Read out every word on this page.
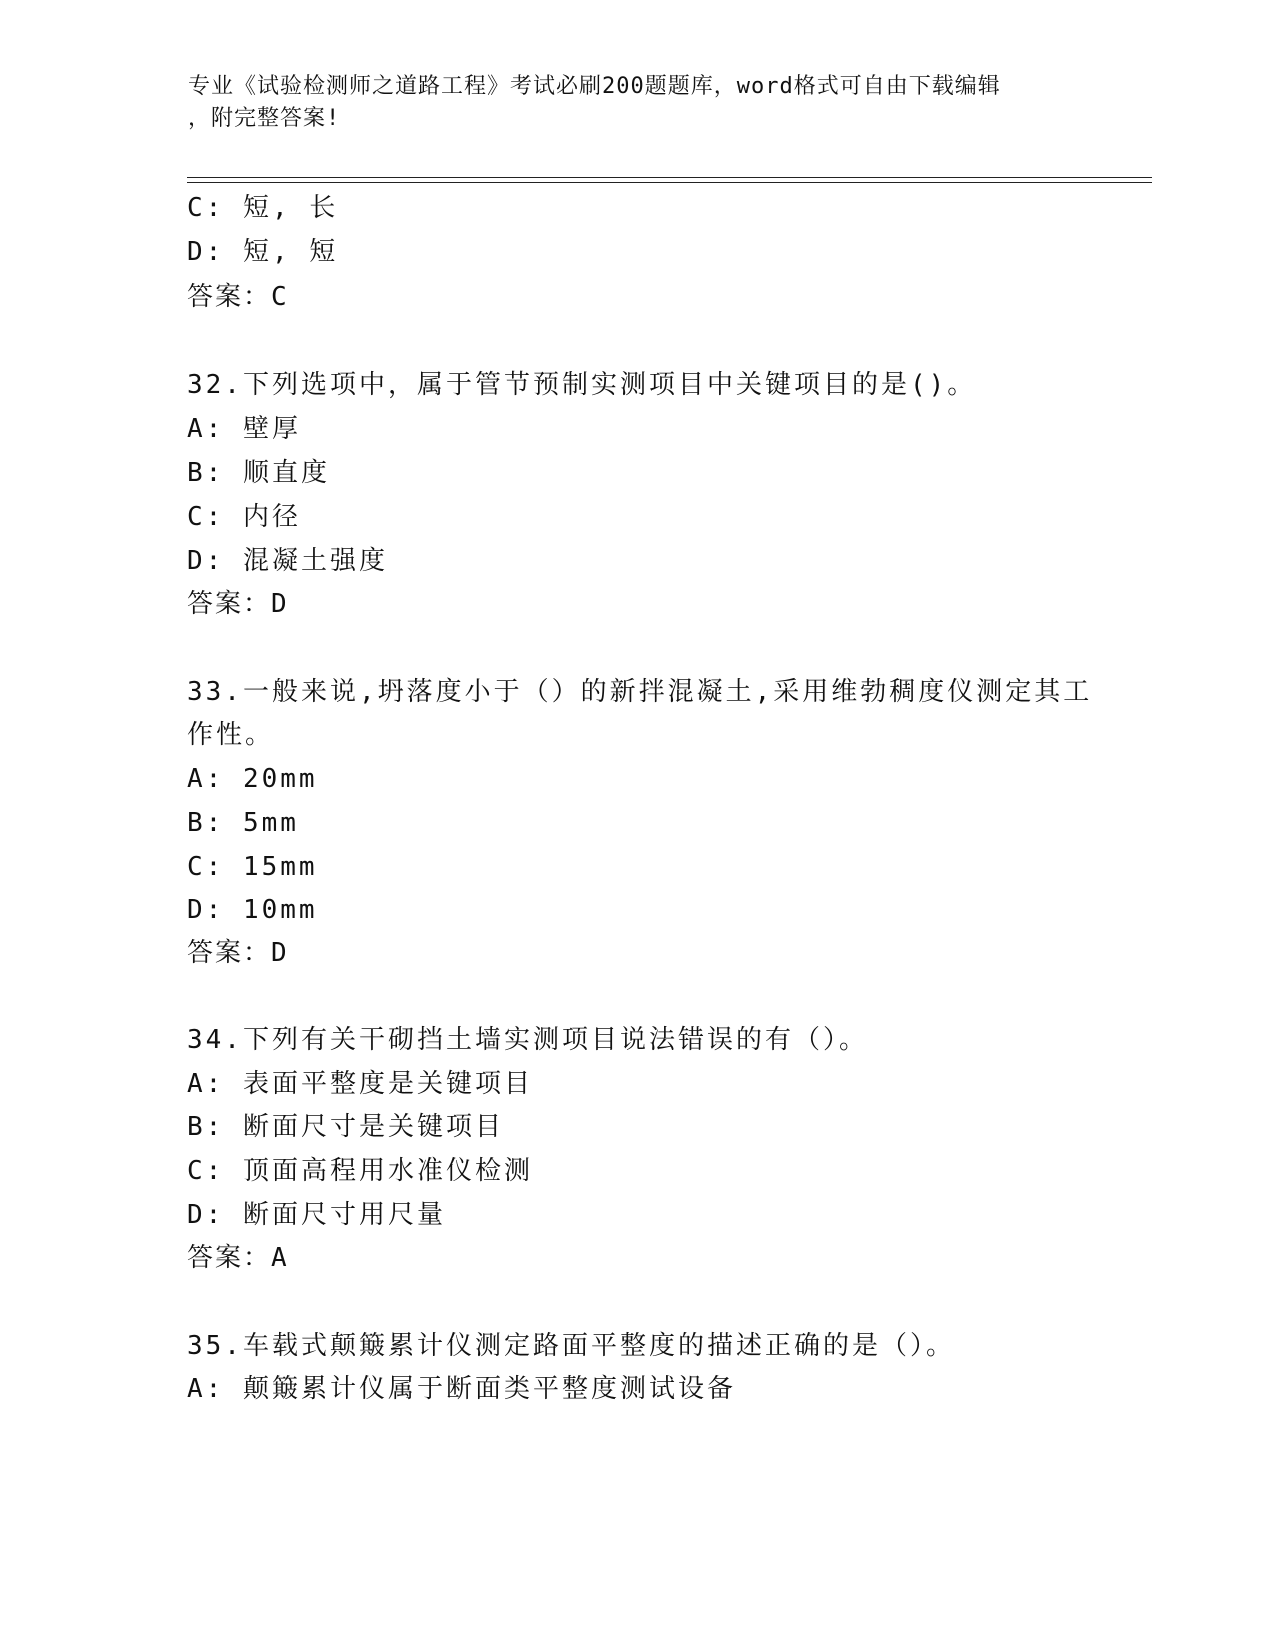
专业《试验检测师之道路工程》考试必刷200题题库，word格式可自由下载编辑
，附完整答案!
C: 短, 长
D: 短, 短
答案：C
32.下列选项中，属于管节预制实测项目中关键项目的是()。
A: 壁厚
B: 顺直度
C: 内径
D: 混凝土强度
答案：D
33.一般来说,坍落度小于（）的新拌混凝土,采用维勃稠度仪测定其工
作性。
A: 20mm
B: 5mm
C: 15mm
D: 10mm
答案：D
34.下列有关干砌挡土墙实测项目说法错误的有（）。
A: 表面平整度是关键项目
B: 断面尺寸是关键项目
C: 顶面高程用水准仪检测
D: 断面尺寸用尺量
答案：A
35.车载式颠簸累计仪测定路面平整度的描述正确的是（）。
A: 颠簸累计仪属于断面类平整度测试设备
